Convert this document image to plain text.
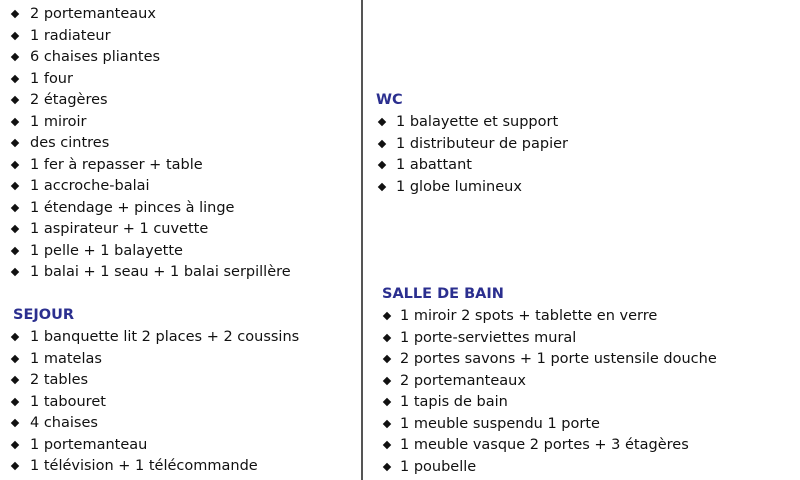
2 portemanteaux
1 radiateur
6 chaises pliantes
1 four
2 étagères
1 miroir
des cintres
1 fer à repasser + table
1 accroche-balai
1 étendage + pinces à linge
1 aspirateur + 1 cuvette
1 pelle + 1 balayette
1 balai + 1 seau + 1 balai serpillère
SEJOUR
1 banquette lit 2 places + 2 coussins
1 matelas
2 tables
1 tabouret
4 chaises
1 portemanteau
1 télévision + 1 télécommande
WC
1 balayette et support
1 distributeur de papier
1 abattant
1 globe lumineux
SALLE DE BAIN
1 miroir 2 spots + tablette en verre
1 porte-serviettes mural
2 portes savons + 1 porte ustensile douche
2 portemanteaux
1 tapis de bain
1 meuble suspendu 1 porte
1 meuble vasque 2 portes + 3 étagères
1 poubelle
